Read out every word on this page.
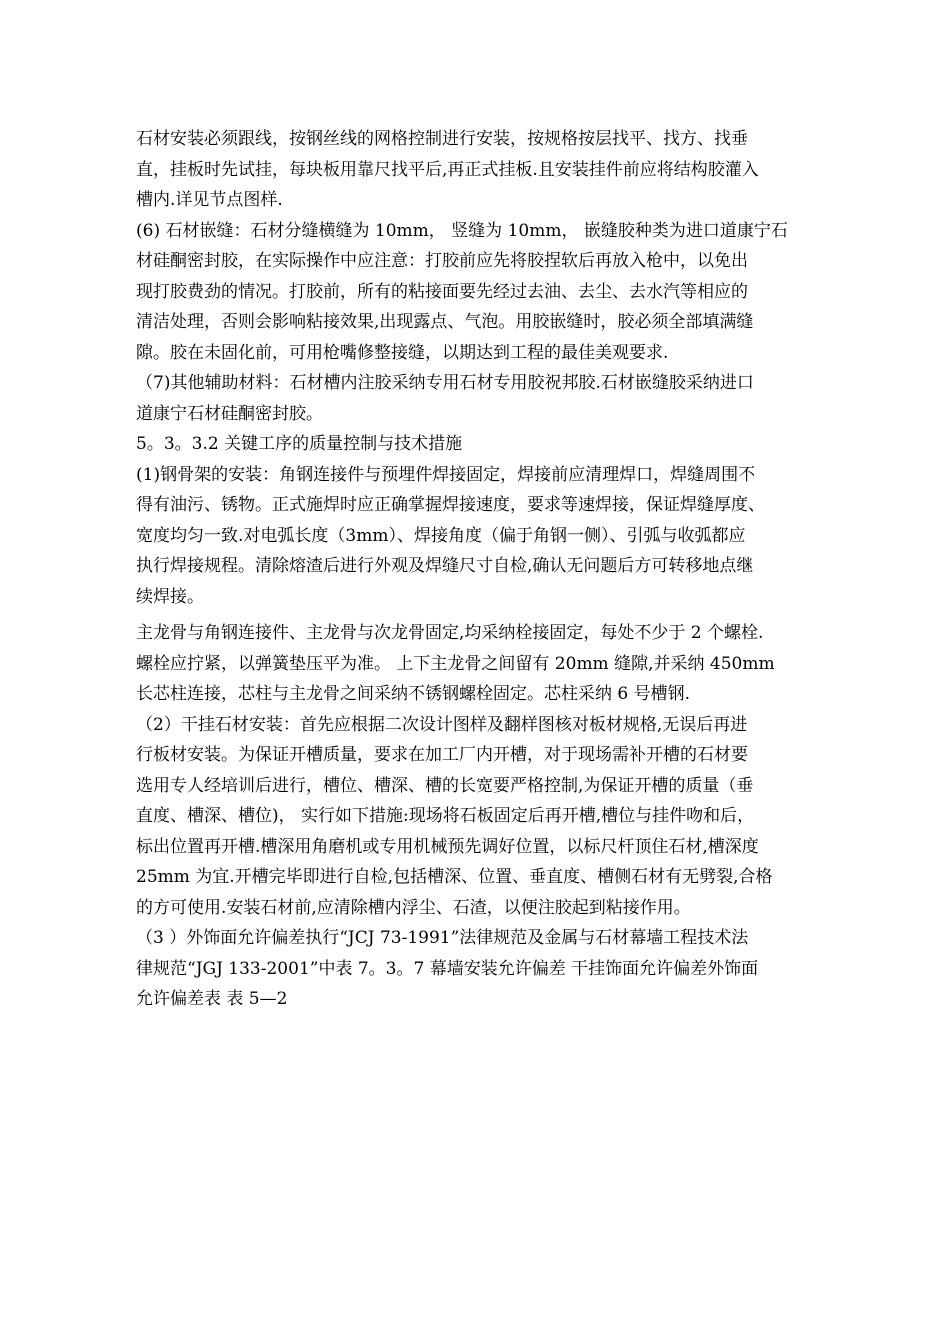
石材安装必须跟线，按钢丝线的网格控制进行安装，按规格按层找平、找方、找垂
直，挂板时先试挂，每块板用靠尺找平后,再正式挂板.且安装挂件前应将结构胶灌入
槽内.详见节点图样.
(6) 石材嵌缝：石材分缝横缝为 10mm， 竖缝为 10mm， 嵌缝胶种类为进口道康宁石
材硅酮密封胶，在实际操作中应注意：打胶前应先将胶捏软后再放入枪中，以免出
现打胶费劲的情况。打胶前，所有的粘接面要先经过去油、去尘、去水汽等相应的
清洁处理，否则会影响粘接效果,出现露点、气泡。用胶嵌缝时，胶必须全部填满缝
隙。胶在未固化前，可用枪嘴修整接缝，以期达到工程的最佳美观要求.
（7)其他辅助材料：石材槽内注胶采纳专用石材专用胶祝邦胶.石材嵌缝胶采纳进口
道康宁石材硅酮密封胶。
5。3。3.2 关键工序的质量控制与技术措施
(1)钢骨架的安装：角钢连接件与预埋件焊接固定，焊接前应清理焊口，焊缝周围不
得有油污、锈物。正式施焊时应正确掌握焊接速度，要求等速焊接，保证焊缝厚度、
宽度均匀一致.对电弧长度（3mm）、焊接角度（偏于角钢一侧）、引弧与收弧都应
执行焊接规程。清除熔渣后进行外观及焊缝尺寸自检,确认无问题后方可转移地点继
续焊接。
主龙骨与角钢连接件、主龙骨与次龙骨固定,均采纳栓接固定，每处不少于 2 个螺栓.
螺栓应拧紧，以弹簧垫压平为准。 上下主龙骨之间留有 20mm 缝隙,并采纳 450mm
长芯柱连接，芯柱与主龙骨之间采纳不锈钢螺栓固定。芯柱采纳 6 号槽钢.
（2）干挂石材安装：首先应根据二次设计图样及翻样图核对板材规格,无误后再进
行板材安装。为保证开槽质量，要求在加工厂内开槽，对于现场需补开槽的石材要
选用专人经培训后进行，槽位、槽深、槽的长宽要严格控制,为保证开槽的质量（垂
直度、槽深、槽位)， 实行如下措施:现场将石板固定后再开槽,槽位与挂件吻和后，
标出位置再开槽.槽深用角磨机或专用机械预先调好位置，以标尺杆顶住石材,槽深度
25mm 为宜.开槽完毕即进行自检,包括槽深、位置、垂直度、槽侧石材有无劈裂,合格
的方可使用.安装石材前,应清除槽内浮尘、石渣，以便注胶起到粘接作用。
（3 ）外饰面允许偏差执行“JCJ 73-1991”法律规范及金属与石材幕墙工程技术法
律规范“JGJ 133-2001”中表 7。3。7 幕墙安装允许偏差 干挂饰面允许偏差外饰面
允许偏差表 表 5—2
